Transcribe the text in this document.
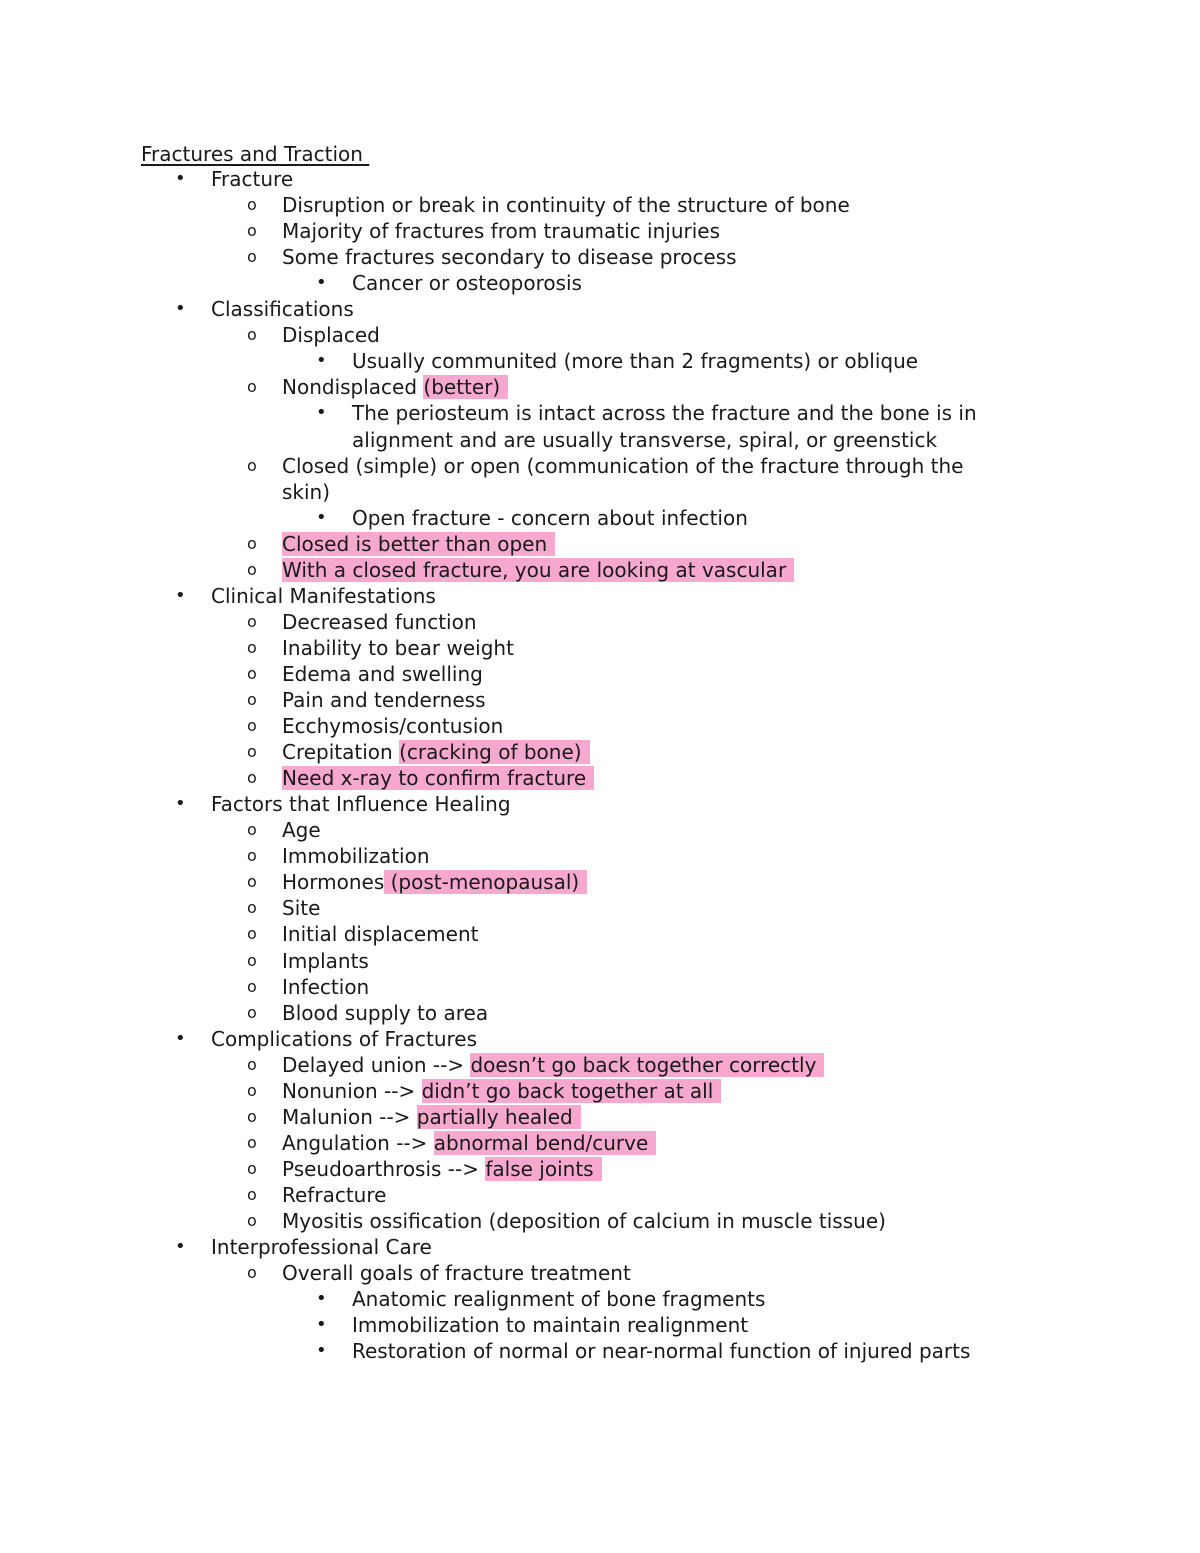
Fractures and Traction
• Fracture
o Disruption or break in continuity of the structure of bone
o Majority of fractures from traumatic injuries
o Some fractures secondary to disease process
• Cancer or osteoporosis
• Classifications
o Displaced
• Usually communited (more than 2 fragments) or oblique
o Nondisplaced (better)
• The periosteum is intact across the fracture and the bone is in
alignment and are usually transverse, spiral, or greenstick
o Closed (simple) or open (communication of the fracture through the
skin)
• Open fracture - concern about infection
o Closed is better than open
o With a closed fracture, you are looking at vascular
• Clinical Manifestations
o Decreased function
o Inability to bear weight
o Edema and swelling
o Pain and tenderness
o Ecchymosis/contusion
o Crepitation (cracking of bone)
o Need x-ray to confirm fracture
• Factors that Influence Healing
o Age
o Immobilization
o Hormones (post-menopausal)
o Site
o Initial displacement
o Implants
o Infection
o Blood supply to area
• Complications of Fractures
o Delayed union --> doesn’t go back together correctly
o Nonunion --> didn’t go back together at all
o Malunion --> partially healed
o Angulation --> abnormal bend/curve
o Pseudoarthrosis --> false joints
o Refracture
o Myositis ossification (deposition of calcium in muscle tissue)
• Interprofessional Care
o Overall goals of fracture treatment
• Anatomic realignment of bone fragments
• Immobilization to maintain realignment
• Restoration of normal or near-normal function of injured parts
